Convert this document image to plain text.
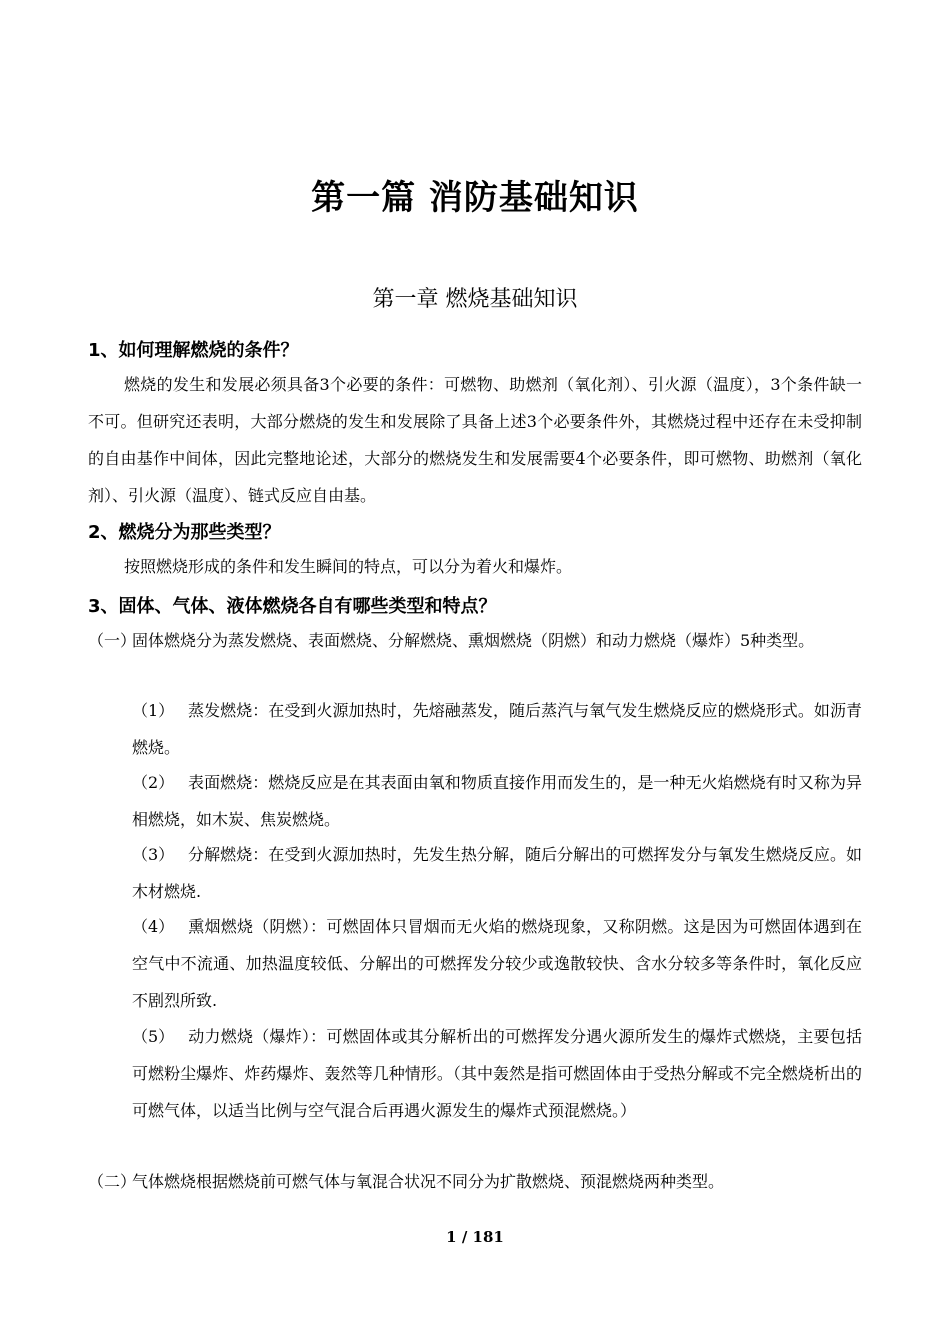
第一篇 消防基础知识
第一章 燃烧基础知识
1、如何理解燃烧的条件？
燃烧的发生和发展必须具备3个必要的条件：可燃物、助燃剂（氧化剂）、引火源（温度），3个条件缺一不可。但研究还表明，大部分燃烧的发生和发展除了具备上述3个必要条件外，其燃烧过程中还存在未受抑制的自由基作中间体，因此完整地论述，大部分的燃烧发生和发展需要4个必要条件，即可燃物、助燃剂（氧化剂）、引火源（温度）、链式反应自由基。
2、燃烧分为那些类型？
按照燃烧形成的条件和发生瞬间的特点，可以分为着火和爆炸。
3、固体、气体、液体燃烧各自有哪些类型和特点？
（一）固体燃烧分为蒸发燃烧、表面燃烧、分解燃烧、熏烟燃烧（阴燃）和动力燃烧（爆炸）5种类型。
（1） 蒸发燃烧：在受到火源加热时，先熔融蒸发，随后蒸汽与氧气发生燃烧反应的燃烧形式。如沥青燃烧。
（2） 表面燃烧：燃烧反应是在其表面由氧和物质直接作用而发生的，是一种无火焰燃烧有时又称为异相燃烧，如木炭、焦炭燃烧。
（3） 分解燃烧：在受到火源加热时，先发生热分解，随后分解出的可燃挥发分与氧发生燃烧反应。如木材燃烧.
（4） 熏烟燃烧（阴燃）：可燃固体只冒烟而无火焰的燃烧现象，又称阴燃。这是因为可燃固体遇到在空气中不流通、加热温度较低、分解出的可燃挥发分较少或逸散较快、含水分较多等条件时，氧化反应不剧烈所致.
（5） 动力燃烧（爆炸）：可燃固体或其分解析出的可燃挥发分遇火源所发生的爆炸式燃烧，主要包括可燃粉尘爆炸、炸药爆炸、轰然等几种情形。（其中轰然是指可燃固体由于受热分解或不完全燃烧析出的可燃气体，以适当比例与空气混合后再遇火源发生的爆炸式预混燃烧。）
（二）气体燃烧根据燃烧前可燃气体与氧混合状况不同分为扩散燃烧、预混燃烧两种类型。
1 / 181
